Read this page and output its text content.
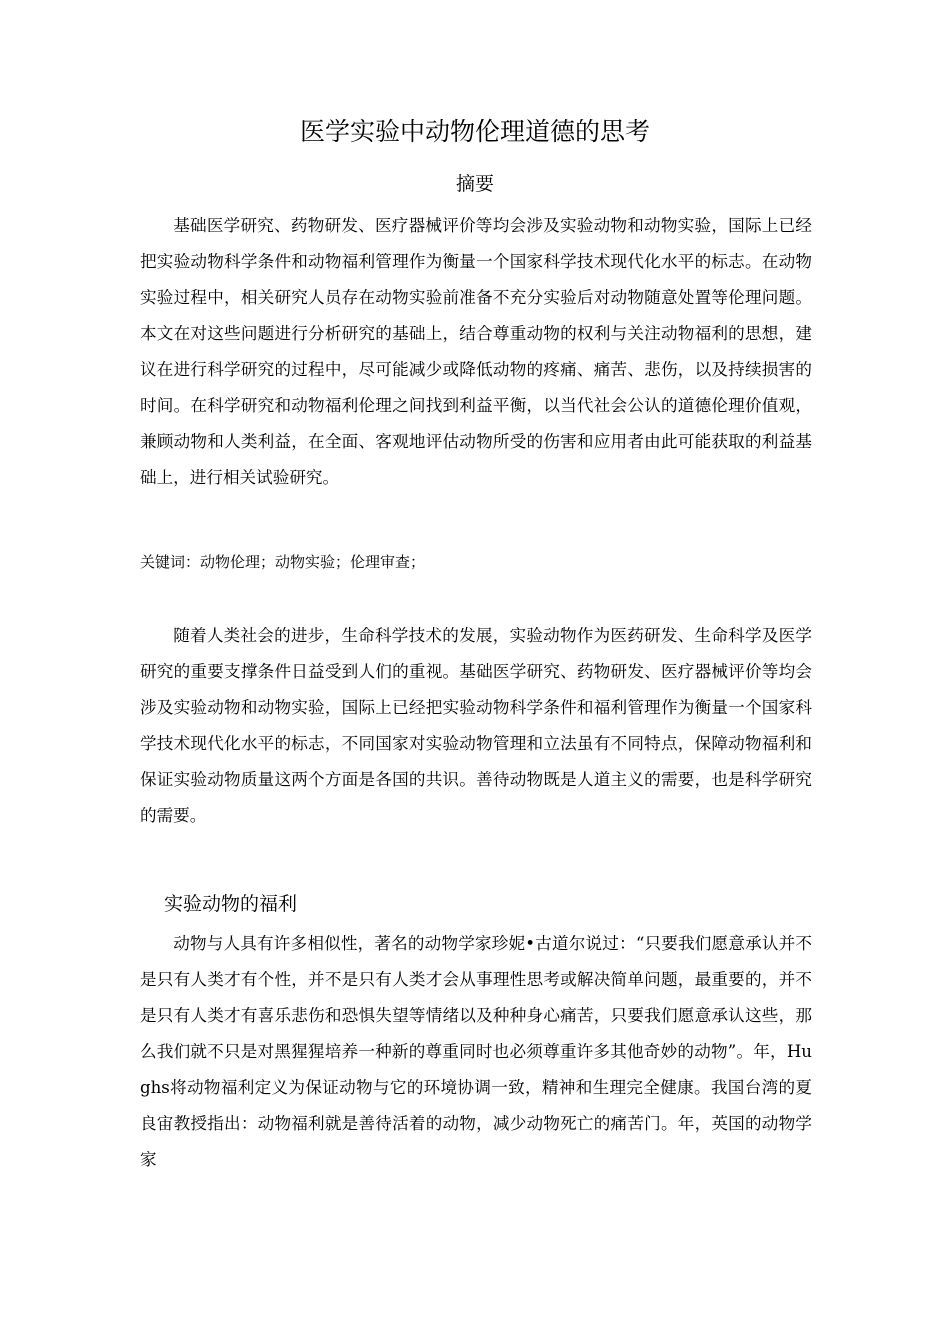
医学实验中动物伦理道德的思考
摘要

基础医学研究、药物研发、医疗器械评价等均会涉及实验动物和动物实验，国际上已经把实验动物科学条件和动物福利管理作为衡量一个国家科学技术现代化水平的标志。在动物实验过程中，相关研究人员存在动物实验前准备不充分实验后对动物随意处置等伦理问题。本文在对这些问题进行分析研究的基础上，结合尊重动物的权利与关注动物福利的思想，建议在进行科学研究的过程中，尽可能减少或降低动物的疼痛、痛苦、悲伤，以及持续损害的时间。在科学研究和动物福利伦理之间找到利益平衡，以当代社会公认的道德伦理价值观，兼顾动物和人类利益，在全面、客观地评估动物所受的伤害和应用者由此可能获取的利益基础上，进行相关试验研究。

关键词：动物伦理；动物实验；伦理审查；

随着人类社会的进步，生命科学技术的发展，实验动物作为医药研发、生命科学及医学研究的重要支撑条件日益受到人们的重视。基础医学研究、药物研发、医疗器械评价等均会涉及实验动物和动物实验，国际上已经把实验动物科学条件和福利管理作为衡量一个国家科学技术现代化水平的标志，不同国家对实验动物管理和立法虽有不同特点，保障动物福利和保证实验动物质量这两个方面是各国的共识。善待动物既是人道主义的需要，也是科学研究的需要。

实验动物的福利

动物与人具有许多相似性，著名的动物学家珍妮•古道尔说过：“只要我们愿意承认并不是只有人类才有个性，并不是只有人类才会从事理性思考或解决简单问题，最重要的，并不是只有人类才有喜乐悲伤和恐惧失望等情绪以及种种身心痛苦，只要我们愿意承认这些，那么我们就不只是对黑猩猩培养一种新的尊重同时也必须尊重许多其他奇妙的动物”。年，Hughs将动物福利定义为保证动物与它的环境协调一致，精神和生理完全健康。我国台湾的夏良宙教授指出：动物福利就是善待活着的动物，减少动物死亡的痛苦门。年，英国的动物学家
